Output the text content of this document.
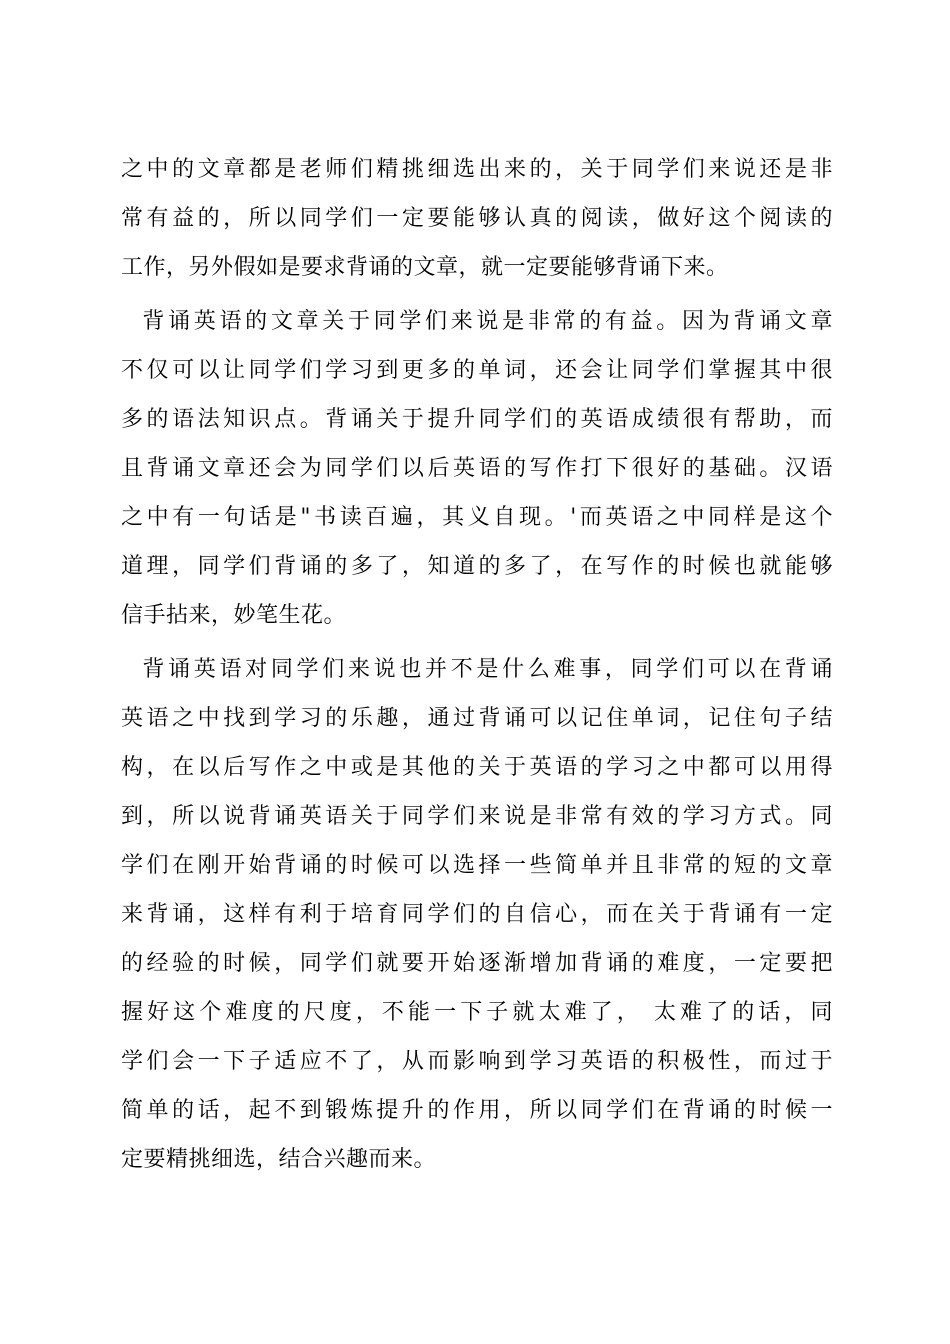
之中的文章都是老师们精挑细选出来的，关于同学们来说还是非
常有益的，所以同学们一定要能够认真的阅读，做好这个阅读的
工作，另外假如是要求背诵的文章，就一定要能够背诵下来。
背诵英语的文章关于同学们来说是非常的有益。因为背诵文章
不仅可以让同学们学习到更多的单词，还会让同学们掌握其中很
多的语法知识点。背诵关于提升同学们的英语成绩很有帮助，而
且背诵文章还会为同学们以后英语的写作打下很好的基础。汉语
之中有一句话是"书读百遍，其义自现。'而英语之中同样是这个
道理，同学们背诵的多了，知道的多了，在写作的时候也就能够
信手拈来，妙笔生花。
背诵英语对同学们来说也并不是什么难事，同学们可以在背诵
英语之中找到学习的乐趣，通过背诵可以记住单词，记住句子结
构，在以后写作之中或是其他的关于英语的学习之中都可以用得
到，所以说背诵英语关于同学们来说是非常有效的学习方式。同
学们在刚开始背诵的时候可以选择一些简单并且非常的短的文章
来背诵，这样有利于培育同学们的自信心，而在关于背诵有一定
的经验的时候，同学们就要开始逐渐增加背诵的难度，一定要把
握好这个难度的尺度，不能一下子就太难了， 太难了的话，同
学们会一下子适应不了，从而影响到学习英语的积极性，而过于
简单的话，起不到锻炼提升的作用，所以同学们在背诵的时候一
定要精挑细选，结合兴趣而来。
